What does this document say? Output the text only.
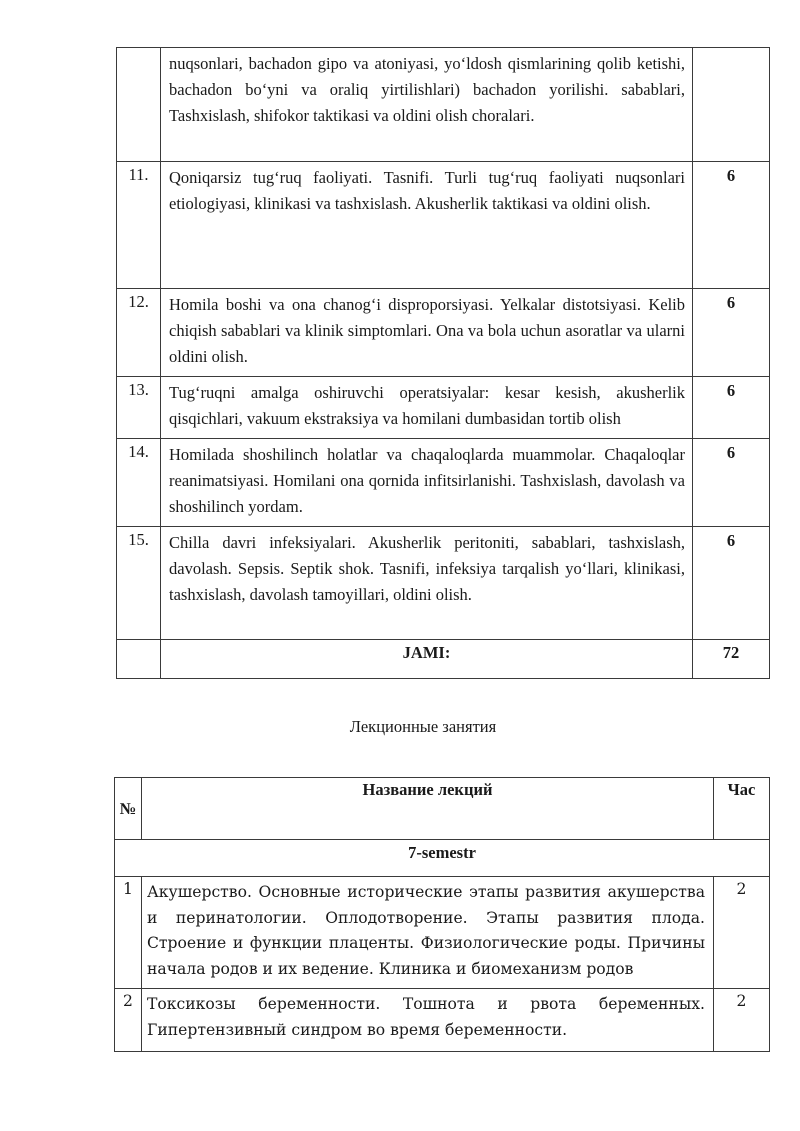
	nuqsonlari, bachadon gipo va atoniyasi, yo‘ldosh qismlarining qolib ketishi, bachadon bo‘yni va oraliq yirtilishlari) bachadon yorilishi. sabablari, Tashxislash, shifokor taktikasi va oldini olish choralari.	
11.	Qoniqarsiz tug‘ruq faoliyati. Tasnifi. Turli tug‘ruq faoliyati nuqsonlari etiologiyasi, klinikasi va tashxislash. Akusherlik taktikasi va oldini olish.	6
12.	Homila boshi va ona chanog‘i disproporsiyasi. Yelkalar distotsiyasi. Kelib chiqish sabablari va klinik simptomlari. Ona va bola uchun asoratlar va ularni oldini olish.	6
13.	Tug‘ruqni amalga oshiruvchi operatsiyalar: kesar kesish, akusherlik qisqichlari, vakuum ekstraksiya va homilani dumbasidan tortib olish	6
14.	Homilada shoshilinch holatlar va chaqaloqlarda muammolar. Chaqaloqlar reanimatsiyasi. Homilani ona qornida infitsirlanishi. Tashxislash, davolash va shoshilinch yordam.	6
15.	Chilla davri infeksiyalari. Akusherlik peritoniti, sabablari, tashxislash, davolash. Sepsis. Septik shok. Tasnifi, infeksiya tarqalish yo‘llari, klinikasi, tashxislash, davolash tamoyillari, oldini olish.	6
	JAMI:	72
Лекционные занятия
№	Название лекций	Час
7-semestr		
1	Акушерство. Основные исторические этапы развития акушерства и перинатологии. Оплодотворение. Этапы развития плода. Строение и функции плаценты. Физиологические роды. Причины начала родов и их ведение. Клиника и биомеханизм родов	2
2	Токсикозы беременности. Тошнота и рвота беременных. Гипертензивный синдром во время беременности.	2
